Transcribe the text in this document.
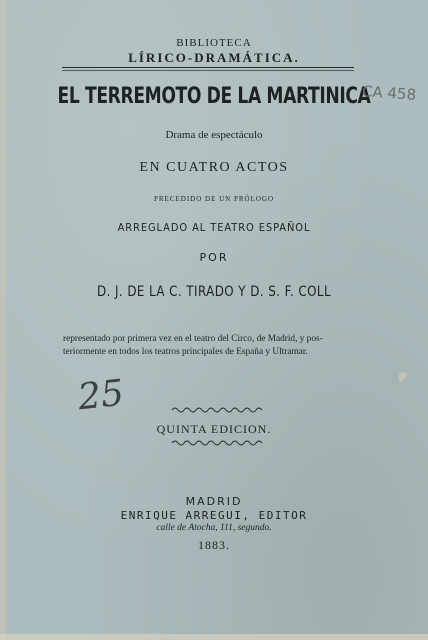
BIBLIOTECA
LÍRICO-DRAMÁTICA.
EL TERREMOTO DE LA MARTINICA
Drama de espectáculo
EN CUATRO ACTOS
PRECEDIDO DE UN PRÓLOGO
ARREGLADO AL TEATRO ESPAÑOL
POR
D. J. DE LA C. TIRADO Y D. S. F. COLL
representado por primera vez en el teatro del Circo, de Madrid, y pos-
teriormente en todos los teatros principales de España y Ultramar.
QUINTA EDICION.
MADRID
ENRIQUE ARREGUI, EDITOR
calle de Atocha, 111, segundo.
1883.
CA 458
25
